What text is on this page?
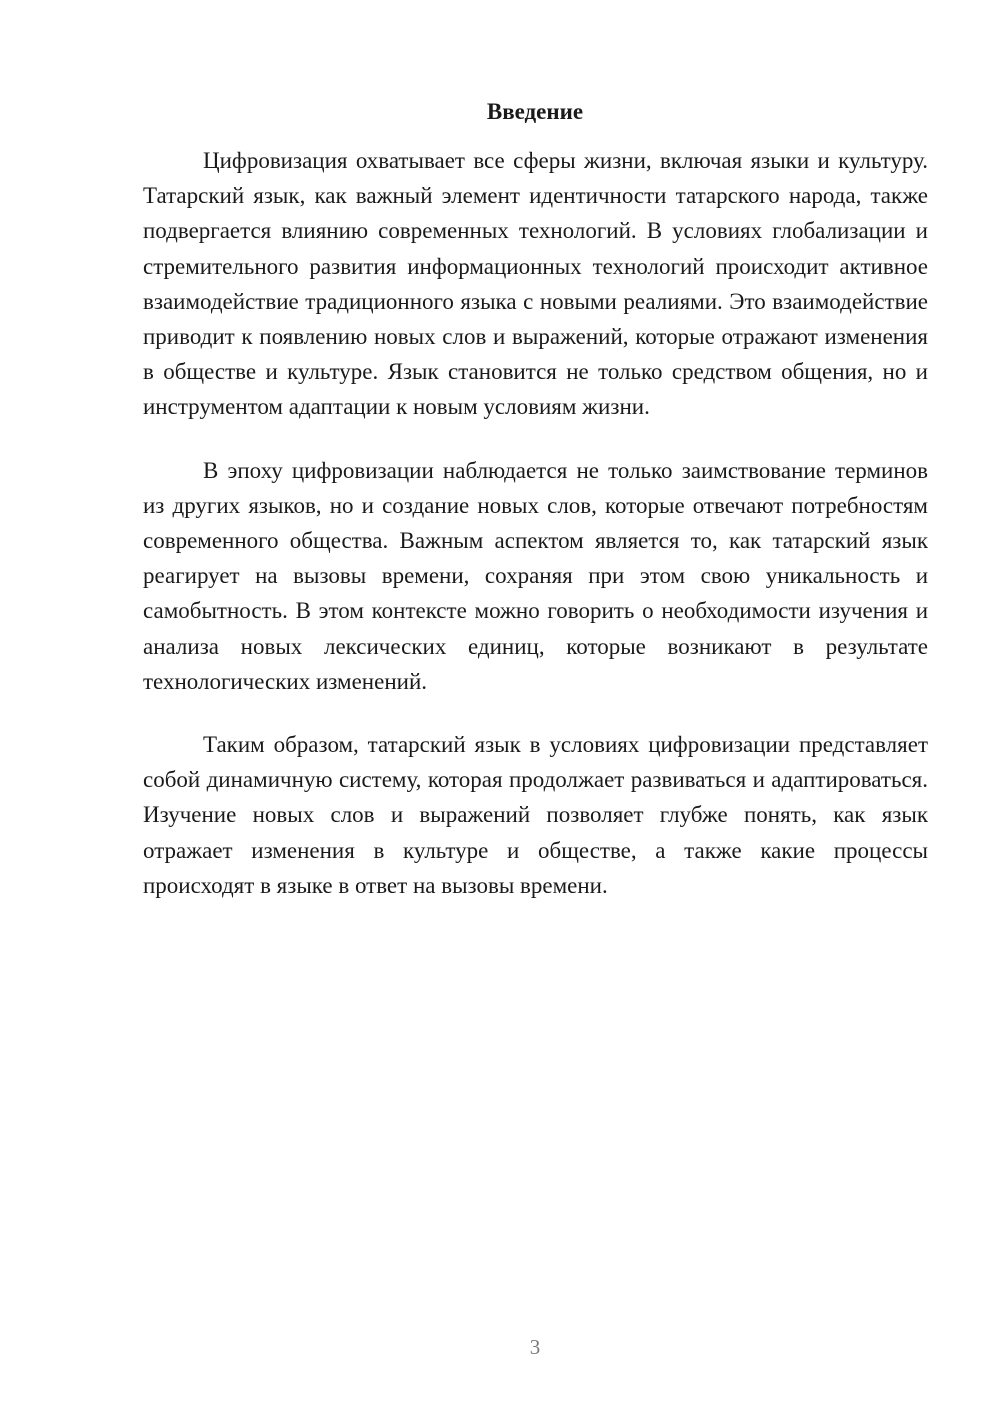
Введение

Цифровизация охватывает все сферы жизни, включая языки и культуру. Татарский язык, как важный элемент идентичности татарского народа, также подвергается влиянию современных технологий. В условиях глобализации и стремительного развития информационных технологий происходит активное взаимодействие традиционного языка с новыми реалиями. Это взаимодействие приводит к появлению новых слов и выражений, которые отражают изменения в обществе и культуре. Язык становится не только средством общения, но и инструментом адаптации к новым условиям жизни.

В эпоху цифровизации наблюдается не только заимствование терминов из других языков, но и создание новых слов, которые отвечают потребностям современного общества. Важным аспектом является то, как татарский язык реагирует на вызовы времени, сохраняя при этом свою уникальность и самобытность. В этом контексте можно говорить о необходимости изучения и анализа новых лексических единиц, которые возникают в результате технологических изменений.

Таким образом, татарский язык в условиях цифровизации представляет собой динамичную систему, которая продолжает развиваться и адаптироваться. Изучение новых слов и выражений позволяет глубже понять, как язык отражает изменения в культуре и обществе, а также какие процессы происходят в языке в ответ на вызовы времени.

3
